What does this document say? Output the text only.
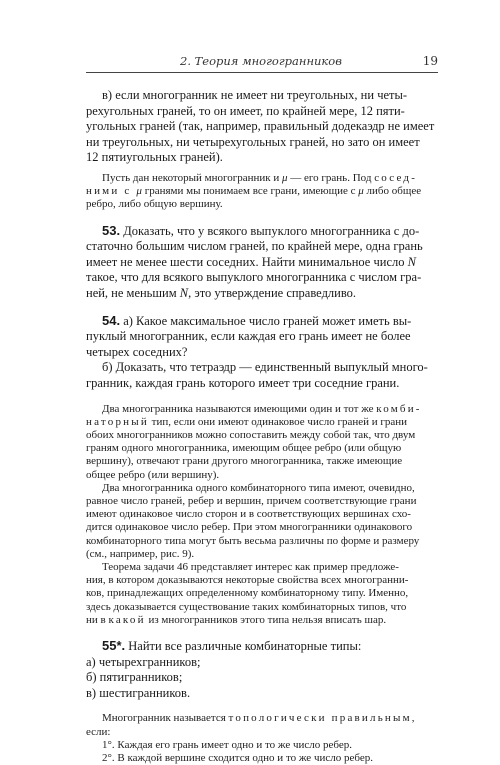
2. Теория многогранников	19
в) если многогранник не имеет ни треугольных, ни четы-
рехугольных граней, то он имеет, по крайней мере, 12 пяти-
угольных граней (так, например, правильный додекаэдр не имеет
ни треугольных, ни четырехугольных граней, но зато он имеет
12 пятиугольных граней).
Пусть дан некоторый многогранник и μ — его грань. Под сосед-
ними с μ гранями мы понимаем все грани, имеющие с μ либо общее
ребро, либо общую вершину.
53. Доказать, что у всякого выпуклого многогранника с до-
статочно большим числом граней, по крайней мере, одна грань
имеет не менее шести соседних. Найти минимальное число N
такое, что для всякого выпуклого многогранника с числом гра-
ней, не меньшим N, это утверждение справедливо.
54. а) Какое максимальное число граней может иметь вы-
пуклый многогранник, если каждая его грань имеет не более
четырех соседних?
б) Доказать, что тетраэдр — единственный выпуклый много-
гранник, каждая грань которого имеет три соседние грани.
Два многогранника называются имеющими один и тот же комби-
наторный тип, если они имеют одинаковое число граней и грани
обоих многогранников можно сопоставить между собой так, что двум
граням одного многогранника, имеющим общее ребро (или общую
вершину), отвечают грани другого многогранника, также имеющие
общее ребро (или вершину).
Два многогранника одного комбинаторного типа имеют, очевидно,
равное число граней, ребер и вершин, причем соответствующие грани
имеют одинаковое число сторон и в соответствующих вершинах схо-
дится одинаковое число ребер. При этом многогранники одинакового
комбинаторного типа могут быть весьма различны по форме и размеру
(см., например, рис. 9).
Теорема задачи 46 представляет интерес как пример предложе-
ния, в котором доказываются некоторые свойства всех многогранни-
ков, принадлежащих определенному комбинаторному типу. Именно,
здесь доказывается существование таких комбинаторных типов, что
ни в какой из многогранников этого типа нельзя вписать шар.
55*. Найти все различные комбинаторные типы:
а) четырехгранников;
б) пятигранников;
в) шестигранников.
Многогранник называется топологически правильным,
если:
1°. Каждая его грань имеет одно и то же число ребер.
2°. В каждой вершине сходится одно и то же число ребер.
